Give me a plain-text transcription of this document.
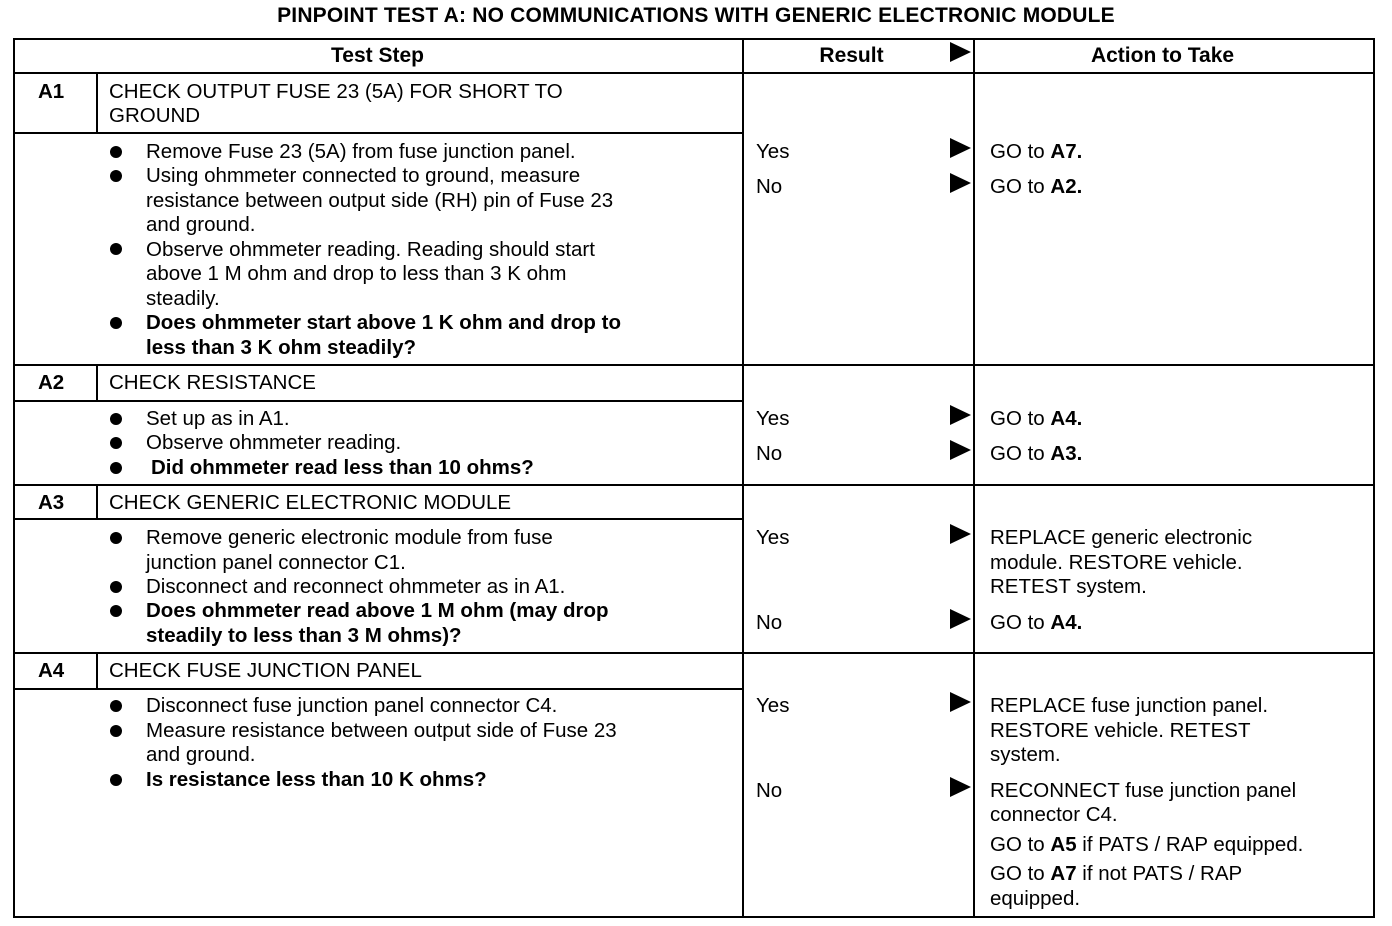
PINPOINT TEST A: NO COMMUNICATIONS WITH GENERIC ELECTRONIC MODULE
Test Step	Result	Action to Take
A1 CHECK OUTPUT FUSE 23 (5A) FOR SHORT TO
GROUND
Remove Fuse 23 (5A) from fuse junction panel.
Using ohmmeter connected to ground, measure
resistance between output side (RH) pin of Fuse 23
and ground.
Observe ohmmeter reading. Reading should start
above 1 M ohm and drop to less than 3 K ohm
steadily.
Does ohmmeter start above 1 K ohm and drop to
less than 3 K ohm steadily?
Yes
No
GO to A7.
GO to A2.
A2 CHECK RESISTANCE
Set up as in A1.
Observe ohmmeter reading.
Did ohmmeter read less than 10 ohms?
Yes
No
GO to A4.
GO to A3.
A3 CHECK GENERIC ELECTRONIC MODULE
Remove generic electronic module from fuse
junction panel connector C1.
Disconnect and reconnect ohmmeter as in A1.
Does ohmmeter read above 1 M ohm (may drop
steadily to less than 3 M ohms)?
Yes
No
REPLACE generic electronic
module. RESTORE vehicle.
RETEST system.
GO to A4.
A4 CHECK FUSE JUNCTION PANEL
Disconnect fuse junction panel connector C4.
Measure resistance between output side of Fuse 23
and ground.
Is resistance less than 10 K ohms?
Yes
No
REPLACE fuse junction panel.
RESTORE vehicle. RETEST
system.
RECONNECT fuse junction panel
connector C4.
GO to A5 if PATS / RAP equipped.
GO to A7 if not PATS / RAP
equipped.
